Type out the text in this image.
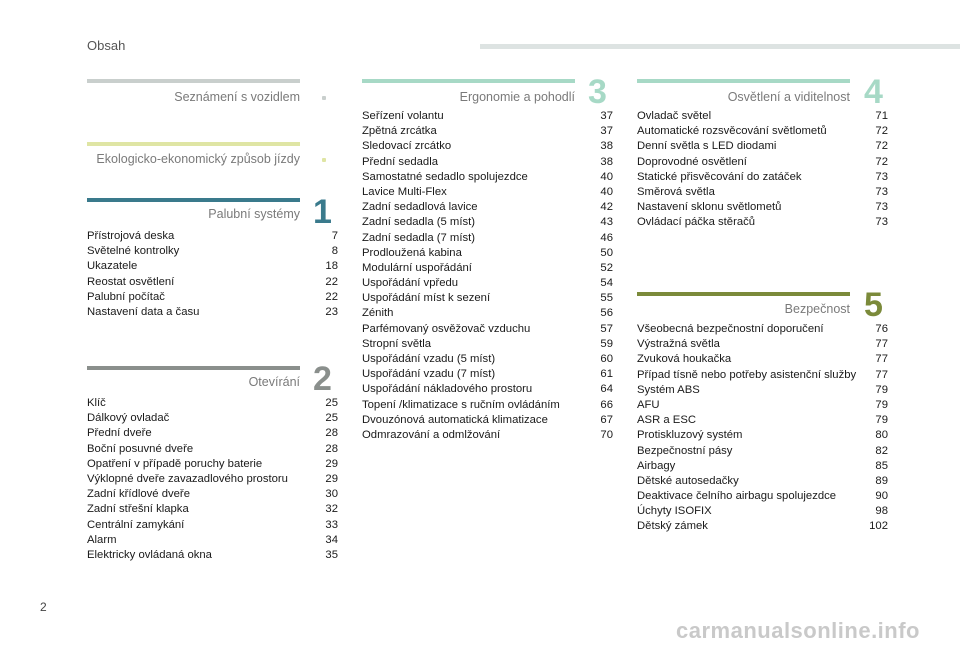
Obsah
Seznámení s vozidlem
Ekologicko-ekonomický způsob jízdy
Palubní systémy 1
Přístrojová deska	7
Světelné kontrolky	8
Ukazatele	18
Reostat osvětlení	22
Palubní počítač	22
Nastavení data a času	23
Otevírání 2
Klíč	25
Dálkový ovladač	25
Přední dveře	28
Boční posuvné dveře	28
Opatření v případě poruchy baterie	29
Výklopné dveře zavazadlového prostoru	29
Zadní křídlové dveře	30
Zadní střešní klapka	32
Centrální zamykání	33
Alarm	34
Elektricky ovládaná okna	35
Ergonomie a pohodlí 3
Seřízení volantu	37
Zpětná zrcátka	37
Sledovací zrcátko	38
Přední sedadla	38
Samostatné sedadlo spolujezdce	40
Lavice Multi-Flex	40
Zadní sedadlová lavice	42
Zadní sedadla (5 míst)	43
Zadní sedadla (7 míst)	46
Prodloužená kabina	50
Modulární uspořádání	52
Uspořádání vpředu	54
Uspořádání míst k sezení	55
Zénith	56
Parfémovaný osvěžovač vzduchu	57
Stropní světla	59
Uspořádání vzadu (5 míst)	60
Uspořádání vzadu (7 míst)	61
Uspořádání nákladového prostoru	64
Topení /klimatizace s ručním ovládáním	66
Dvouzónová automatická klimatizace	67
Odmrazování a odmlžování	70
Osvětlení a viditelnost 4
Ovladač světel	71
Automatické rozsvěcování světlometů	72
Denní světla s LED diodami	72
Doprovodné osvětlení	72
Statické přisvěcování do zatáček	73
Směrová světla	73
Nastavení sklonu světlometů	73
Ovládací páčka stěračů	73
Bezpečnost 5
Všeobecná bezpečnostní doporučení	76
Výstražná světla	77
Zvuková houkačka	77
Případ tísně nebo potřeby asistenční služby	77
Systém ABS	79
AFU	79
ASR a ESC	79
Protiskluzový systém	80
Bezpečnostní pásy	82
Airbagy	85
Dětské autosedačky	89
Deaktivace čelního airbagu spolujezdce	90
Úchyty ISOFIX	98
Dětský zámek	102
2
carmanualsonline.info
